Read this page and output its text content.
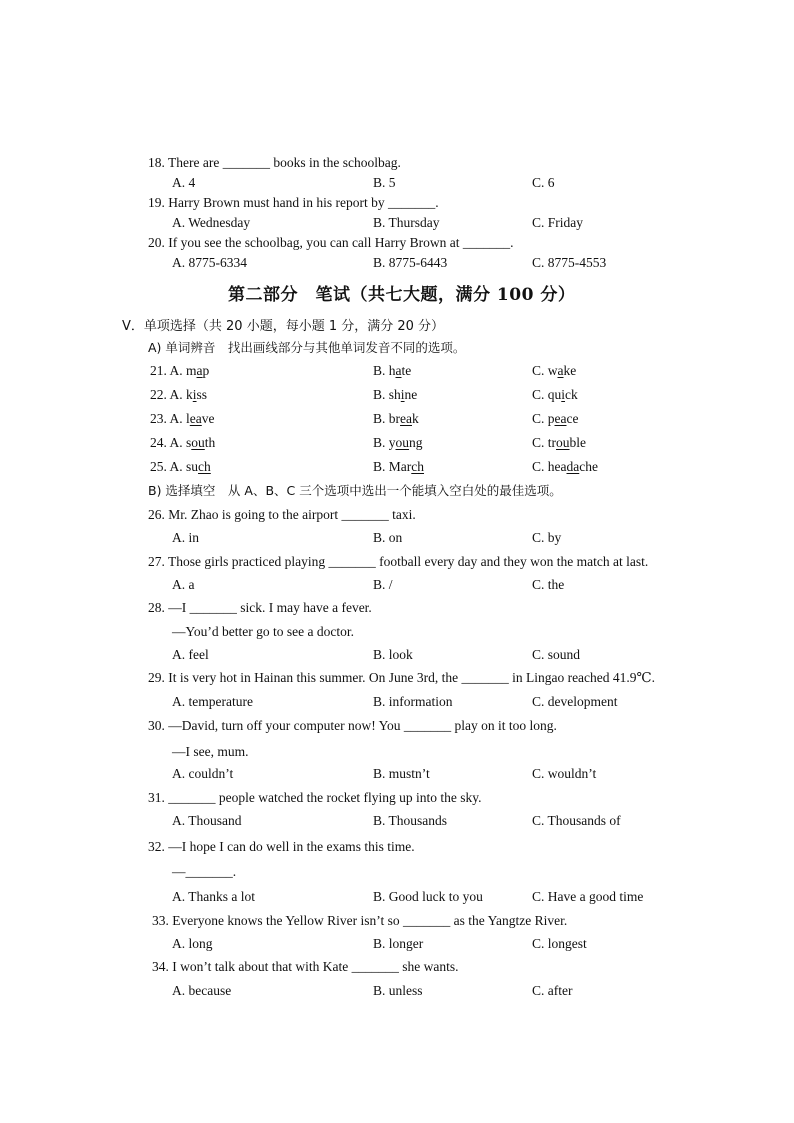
18. There are _______ books in the schoolbag.
A. 4	B. 5	C. 6
19. Harry Brown must hand in his report by _______.
A. Wednesday	B. Thursday	C. Friday
20. If you see the schoolbag, you can call Harry Brown at _______.
A. 8775-6334	B. 8775-6443	C. 8775-4553
第二部分　笔试（共七大题，满分 100 分）
V．单项选择（共 20 小题，每小题 1 分，满分 20 分）
A) 单词辨音　找出画线部分与其他单词发音不同的选项。
21. A. map	B. hate	C. wake
22. A. kiss	B. shine	C. quick
23. A. leave	B. break	C. peace
24. A. south	B. young	C. trouble
25. A. such	B. March	C. headache
B) 选择填空　从 A、B、C 三个选项中选出一个能填入空白处的最佳选项。
26. Mr. Zhao is going to the airport _______ taxi.
A. in	B. on	C. by
27. Those girls practiced playing _______ football every day and they won the match at last.
A. a	B. /	C. the
28. —I _______ sick. I may have a fever.
—You’d better go to see a doctor.
A. feel	B. look	C. sound
29. It is very hot in Hainan this summer. On June 3rd, the _______ in Lingao reached 41.9℃.
A. temperature	B. information	C. development
30. —David, turn off your computer now! You _______ play on it too long.
—I see, mum.
A. couldn’t	B. mustn’t	C. wouldn’t
31. _______ people watched the rocket flying up into the sky.
A. Thousand	B. Thousands	C. Thousands of
32. —I hope I can do well in the exams this time.
—_______.
A. Thanks a lot	B. Good luck to you	C. Have a good time
33. Everyone knows the Yellow River isn’t so _______ as the Yangtze River.
A. long	B. longer	C. longest
34. I won’t talk about that with Kate _______ she wants.
A. because	B. unless	C. after
